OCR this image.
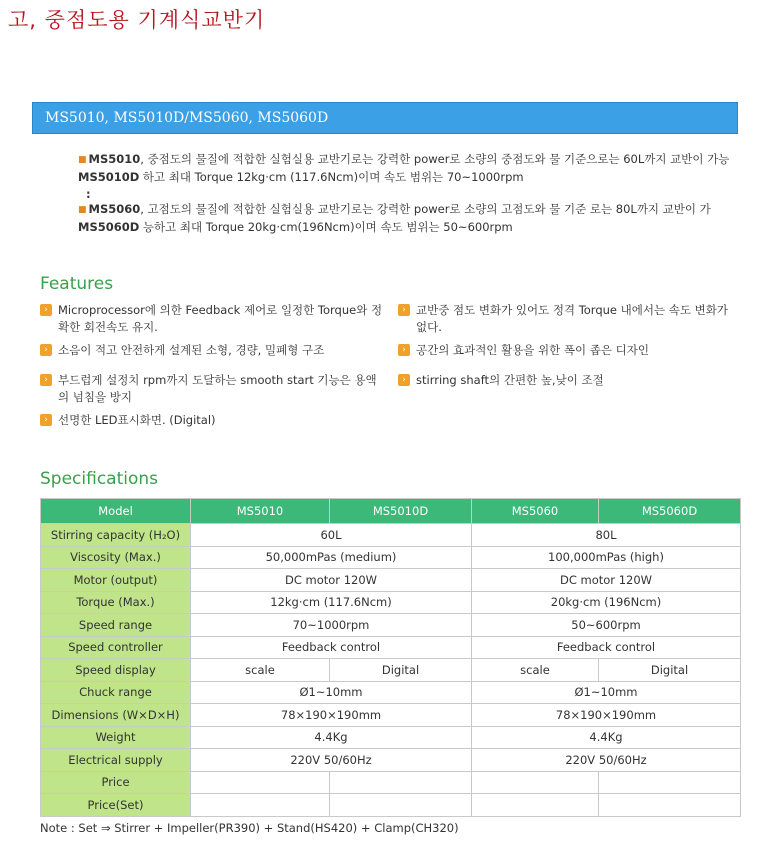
고, 중점도용 기계식교반기
MS5010, MS5010D/MS5060, MS5060D
■ MS5010, 중점도의 물질에 적합한 실험실용 교반기로는 강력한 power로 소량의 중점도와 물 기준으로는 60L까지 교반이 가능
MS5010D 하고 최대 Torque 12kg·cm (117.6Ncm)이며 속도 범위는 70~1000rpm
:
■ MS5060, 고점도의 물질에 적합한 실험실용 교반기로는 강력한 power로 소량의 고점도와 물 기준 로는 80L까지 교반이 가
MS5060D 능하고 최대 Torque 20kg·cm(196Ncm)이며 속도 범위는 50~600rpm
Features
› Microprocessor에 의한 Feedback 제어로 일정한 Torque와 정확한 회전속도 유지.
› 교반중 점도 변화가 있어도 정격 Torque 내에서는 속도 변화가 없다.
› 소음이 적고 안전하게 설계된 소형, 경량, 밀폐형 구조	› 공간의 효과적인 활용을 위한 폭이 좁은 디자인
› 부드럽게 설정치 rpm까지 도달하는 smooth start 기능은 용액의 넘침을 방지
› stirring shaft의 간편한 높,낮이 조절
› 선명한 LED표시화면. (Digital)
Specifications
Model	MS5010	MS5010D	MS5060	MS5060D
Stirring capacity (H₂O)	60L		80L	
Viscosity (Max.)	50,000mPas (medium)		100,000mPas (high)	
Motor (output)	DC motor 120W		DC motor 120W	
Torque (Max.)	12kg·cm (117.6Ncm)		20kg·cm (196Ncm)	
Speed range	70~1000rpm		50~600rpm	
Speed controller	Feedback control		Feedback control	
Speed display	scale	Digital	scale	Digital
Chuck range	Ø1~10mm		Ø1~10mm	
Dimensions (W×D×H)	78×190×190mm		78×190×190mm	
Weight	4.4Kg		4.4Kg	
Electrical supply	220V 50/60Hz		220V 50/60Hz	
Price				
Price(Set)				
Note : Set ⇒ Stirrer + Impeller(PR390) + Stand(HS420) + Clamp(CH320)
